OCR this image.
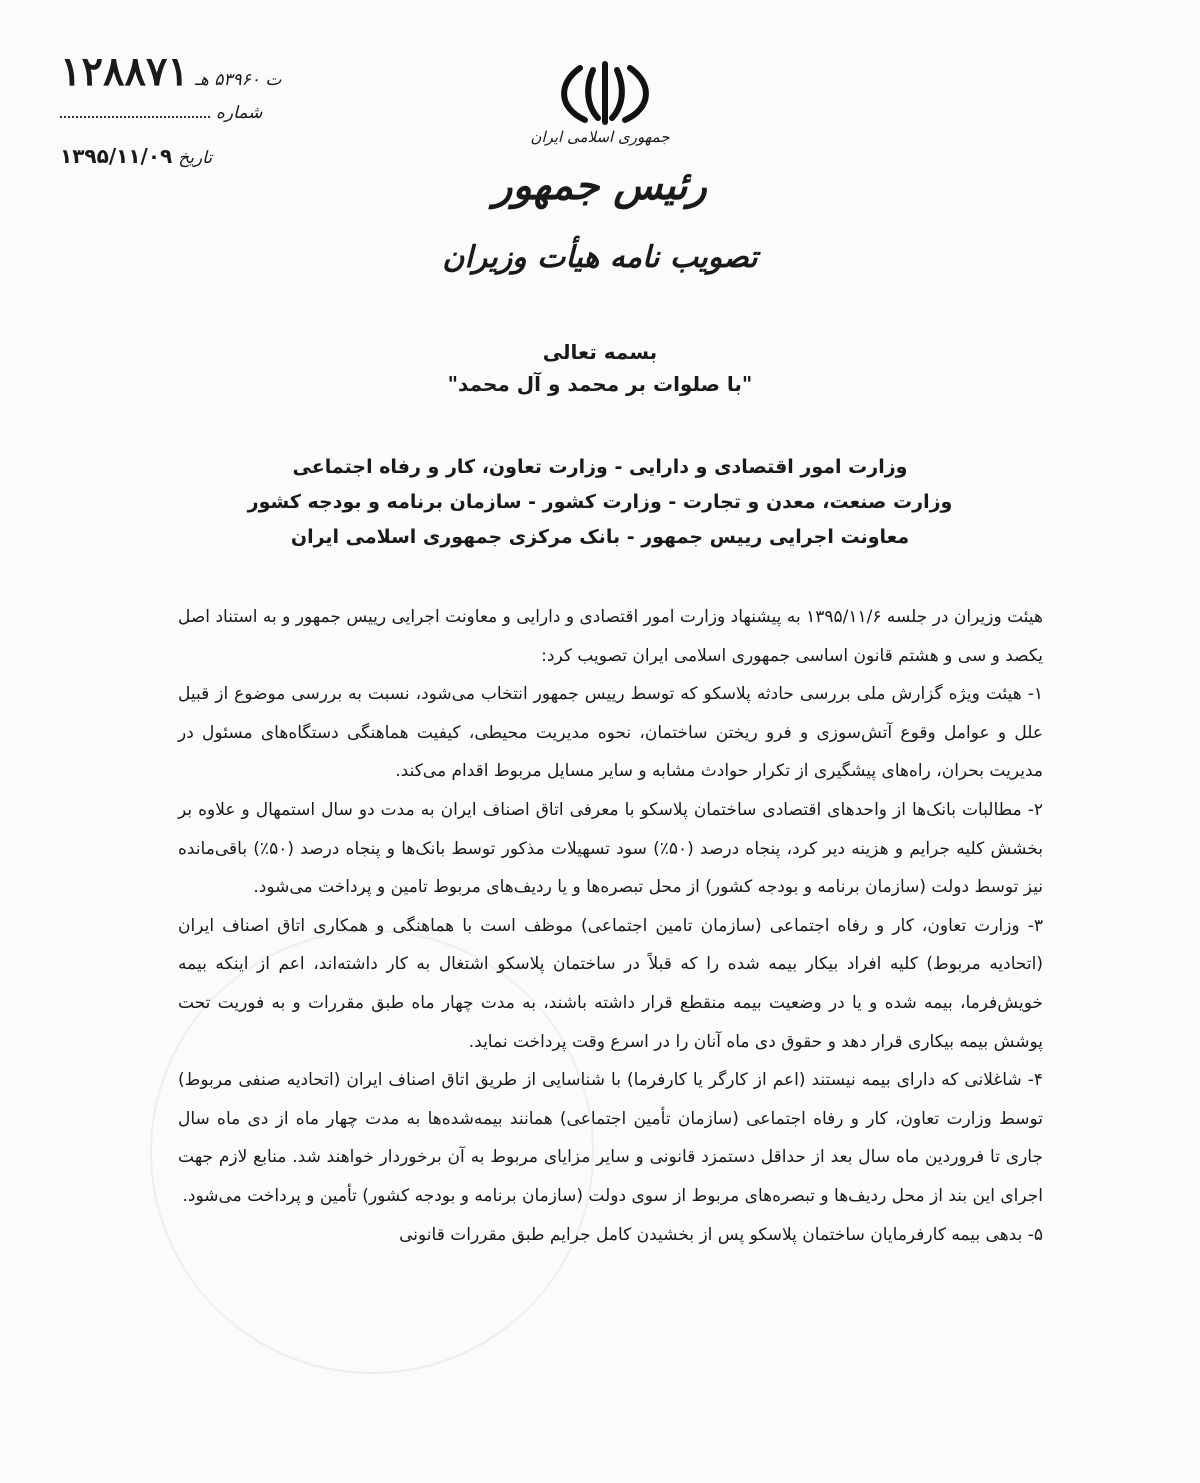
ت ۵۳۹۶۰ هـ
۱۲۸۸۷۱
شماره
تاریخ
۱۳۹۵/۱۱/۰۹
جمهوری اسلامی ایران
رئیس جمهور
تصویب نامه هیأت وزیران
بسمه تعالی
"با صلوات بر محمد و آل محمد"
وزارت امور اقتصادی و دارایی - وزارت تعاون، کار و رفاه اجتماعی
وزارت صنعت، معدن و تجارت - وزارت کشور - سازمان برنامه و بودجه کشور
معاونت اجرایی رییس جمهور - بانک مرکزی جمهوری اسلامی ایران

هیئت وزیران در جلسه ۱۳۹۵/۱۱/۶ به پیشنهاد وزارت امور اقتصادی و دارایی و معاونت اجرایی رییس جمهور و به استناد اصل یکصد و سی و هشتم قانون اساسی جمهوری اسلامی ایران تصویب کرد:

۱- هیئت ویژه گزارش ملی بررسی حادثه پلاسکو که توسط رییس جمهور انتخاب می‌شود، نسبت به بررسی موضوع از قبیل علل و عوامل وقوع آتش‌سوزی و فرو ریختن ساختمان، نحوه مدیریت محیطی، کیفیت هماهنگی دستگاه‌های مسئول در مدیریت بحران، راه‌های پیشگیری از تکرار حوادث مشابه و سایر مسایل مربوط اقدام می‌کند.

۲- مطالبات بانک‌ها از واحدهای اقتصادی ساختمان پلاسکو با معرفی اتاق اصناف ایران به مدت دو سال استمهال و علاوه بر بخشش کلیه جرایم و هزینه دیر کرد، پنجاه درصد (۵۰٪) سود تسهیلات مذکور توسط بانک‌ها و پنجاه درصد (۵۰٪) باقی‌مانده نیز توسط دولت (سازمان برنامه و بودجه کشور) از محل تبصره‌ها و یا ردیف‌های مربوط تامین و پرداخت می‌شود.

۳- وزارت تعاون، کار و رفاه اجتماعی (سازمان تامین اجتماعی) موظف است با هماهنگی و همکاری اتاق اصناف ایران (اتحادیه مربوط) کلیه افراد بیکار بیمه شده را که قبلاً در ساختمان پلاسکو اشتغال به کار داشته‌اند، اعم از اینکه بیمه خویش‌فرما، بیمه شده و یا در وضعیت بیمه منقطع قرار داشته باشند، به مدت چهار ماه طبق مقررات و به فوریت تحت پوشش بیمه بیکاری قرار دهد و حقوق دی ماه آنان را در اسرع وقت پرداخت نماید.

۴- شاغلانی که دارای بیمه نیستند (اعم از کارگر یا کارفرما) با شناسایی از طریق اتاق اصناف ایران (اتحادیه صنفی مربوط) توسط وزارت تعاون، کار و رفاه اجتماعی (سازمان تأمین اجتماعی) همانند بیمه‌شده‌ها به مدت چهار ماه از دی ماه سال جاری تا فروردین ماه سال بعد از حداقل دستمزد قانونی و سایر مزایای مربوط به آن برخوردار خواهند شد. منابع لازم جهت اجرای این بند از محل ردیف‌ها و تبصره‌های مربوط از سوی دولت (سازمان برنامه و بودجه کشور) تأمین و پرداخت می‌شود.

۵- بدهی بیمه کارفرمایان ساختمان پلاسکو پس از بخشیدن کامل جرایم طبق مقررات قانونی
